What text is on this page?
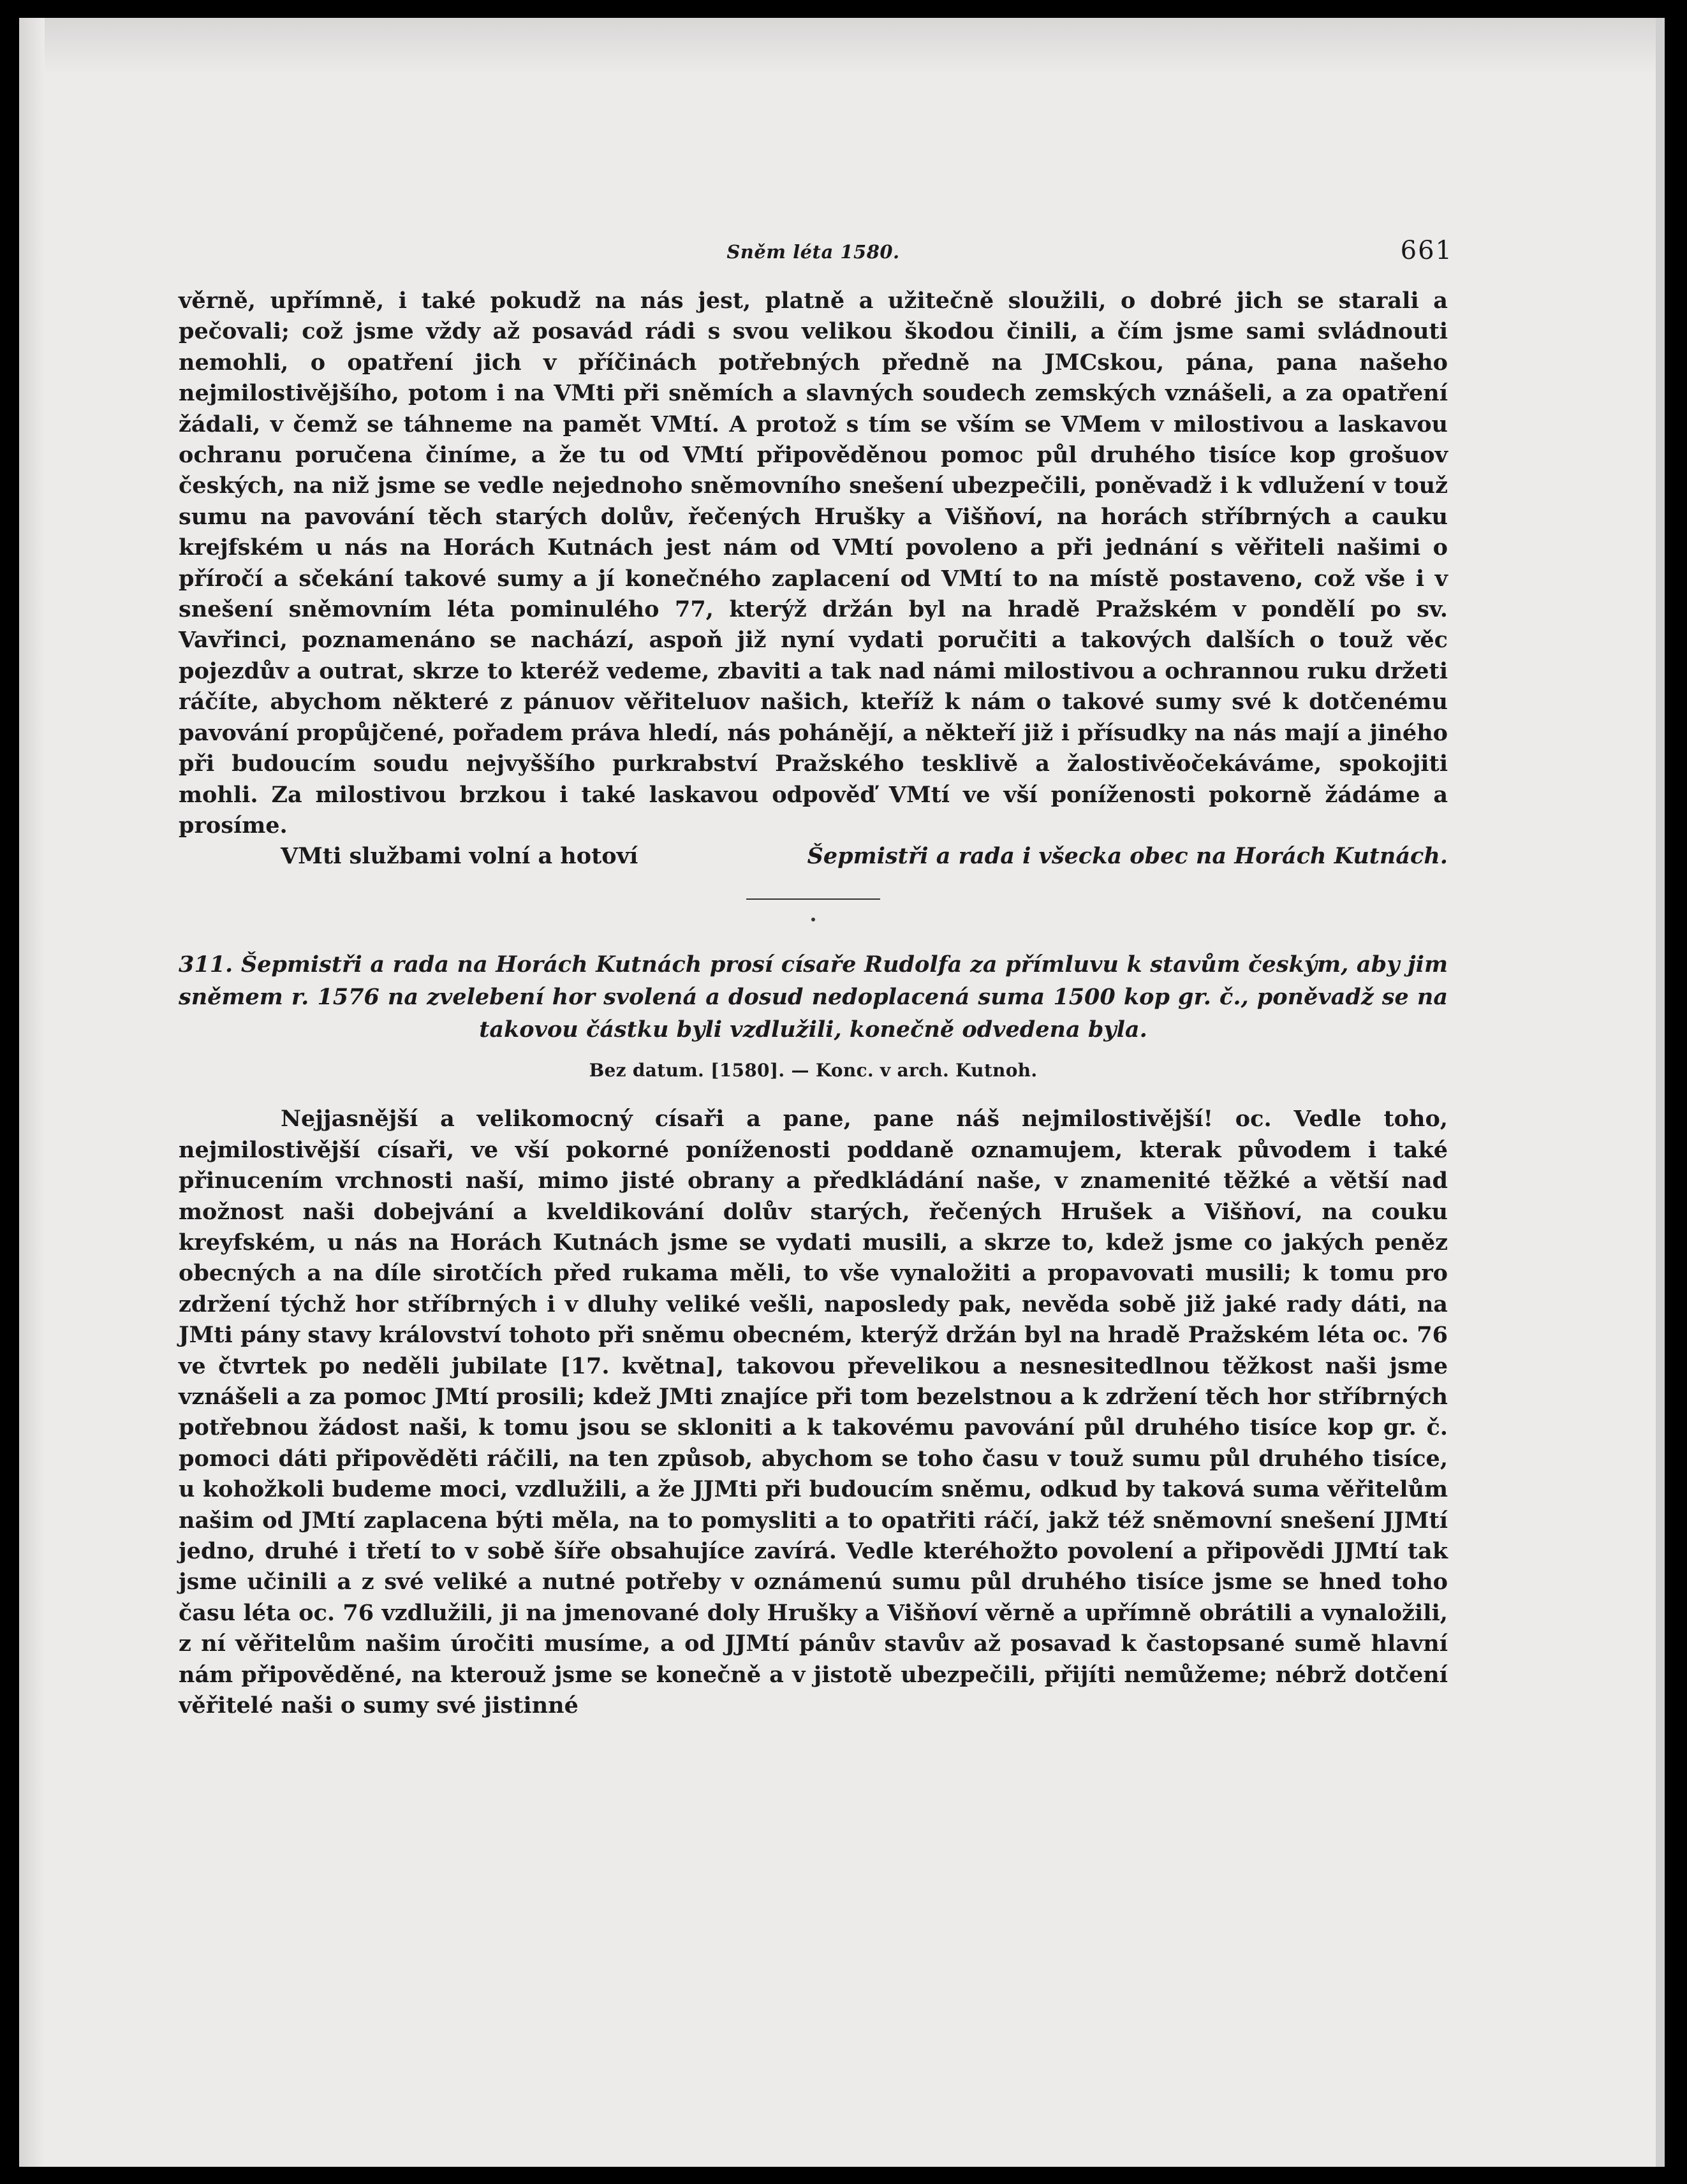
Sněm léta 1580.	661

věrně, upřímně, i také pokudž na nás jest, platně a užitečně sloužili, o dobré jich se starali a pečovali; což jsme vždy až posavád rádi s svou velikou škodou činili, a čím jsme sami svládnouti nemohli, o opatření jich v příčinách potřebných předně na JMCskou, pána, pana našeho nejmilostivějšího, potom i na VMti při sněmích a slavných soudech zemských vznášeli, a za opatření žádali, v čemž se táhneme na pamět VMtí. A protož s tím se vším se VMem v milostivou a laskavou ochranu poručena činíme, a že tu od VMtí připověděnou pomoc půl druhého tisíce kop grošuov českých, na niž jsme se vedle nejednoho sněmovního snešení ubezpečili, poněvadž i k vdlužení v touž sumu na pavování těch starých dolův, řečených Hrušky a Višňoví, na horách stříbrných a cauku krejfském u nás na Horách Kutnách jest nám od VMtí povoleno a při jednání s věřiteli našimi o příročí a sčekání takové sumy a jí konečného zaplacení od VMtí to na místě postaveno, což vše i v snešení sněmovním léta pominulého 77, kterýž držán byl na hradě Pražském v pondělí po sv. Vavřinci, poznamenáno se nachází, aspoň již nyní vydati poručiti a takových dalších o touž věc pojezdův a outrat, skrze to kteréž vedeme, zbaviti a tak nad námi milostivou a ochrannou ruku držeti ráčíte, abychom některé z pánuov věřiteluov našich, kteříž k nám o takové sumy své k dotčenému pavování propůjčené, pořadem práva hledí, nás pohánějí, a někteří již i přísudky na nás mají a jiného při budoucím soudu nejvyššího purkrabství Pražského tesklivě a žalostivěočekáváme, spokojiti mohli. Za milostivou brzkou i také laskavou odpověď VMtí ve vší poníženosti pokorně žádáme a prosíme.

VMti službami volní a hotoví	Šepmistři a rada i všecka obec na Horách Kutnách.
311. Šepmistři a rada na Horách Kutnách prosí císaře Rudolfa za přímluvu k stavům českým, aby jim sněmem r. 1576 na zvelebení hor svolená a dosud nedoplacená suma 1500 kop gr. č., poněvadž se na takovou částku byli vzdlužili, konečně odvedena byla.
Bez datum. [1580]. — Konc. v arch. Kutnoh.

Nejjasnější a velikomocný císaři a pane, pane náš nejmilostivější! oc. Vedle toho, nejmilostivější císaři, ve vší pokorné poníženosti poddaně oznamujem, kterak původem i také přinucením vrchnosti naší, mimo jisté obrany a předkládání naše, v znamenité těžké a větší nad možnost naši dobejvání a kveldikování dolův starých, řečených Hrušek a Višňoví, na couku kreyfském, u nás na Horách Kutnách jsme se vydati musili, a skrze to, kdež jsme co jakých peněz obecných a na díle sirotčích před rukama měli, to vše vynaložiti a propavovati musili; k tomu pro zdržení týchž hor stříbrných i v dluhy veliké vešli, naposledy pak, nevěda sobě již jaké rady dáti, na JMti pány stavy království tohoto při sněmu obecném, kterýž držán byl na hradě Pražském léta oc. 76 ve čtvrtek po neděli jubilate [17. května], takovou převelikou a nesnesitedlnou těžkost naši jsme vznášeli a za pomoc JMtí prosili; kdež JMti znajíce při tom bezelstnou a k zdržení těch hor stříbrných potřebnou žádost naši, k tomu jsou se skloniti a k takovému pavování půl druhého tisíce kop gr. č. pomoci dáti připověděti ráčili, na ten způsob, abychom se toho času v touž sumu půl druhého tisíce, u kohožkoli budeme moci, vzdlužili, a že JJMti při budoucím sněmu, odkud by taková suma věřitelům našim od JMtí zaplacena býti měla, na to pomysliti a to opatřiti ráčí, jakž též sněmovní snešení JJMtí jedno, druhé i třetí to v sobě šíře obsahujíce zavírá. Vedle kteréhožto povolení a připovědi JJMtí tak jsme učinili a z své veliké a nutné potřeby v oznámenú sumu půl druhého tisíce jsme se hned toho času léta oc. 76 vzdlužili, ji na jmenované doly Hrušky a Višňoví věrně a upřímně obrátili a vynaložili, z ní věřitelům našim úročiti musíme, a od JJMtí pánův stavův až posavad k častopsané sumě hlavní nám připověděné, na kterouž jsme se konečně a v jistotě ubezpečili, přijíti nemůžeme; nébrž dotčení věřitelé naši o sumy své jistinné
